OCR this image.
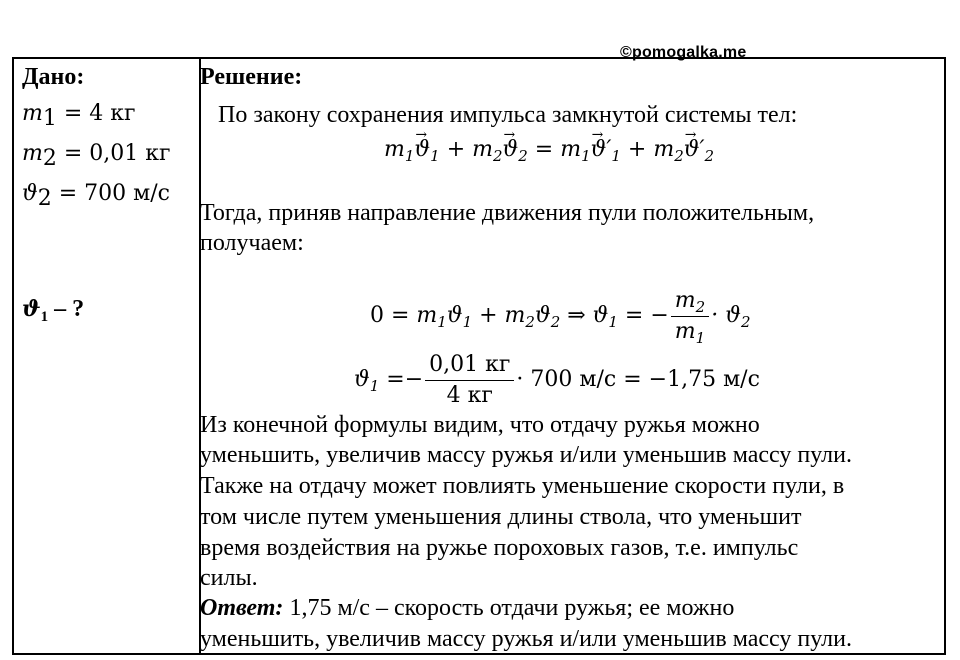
©pomogalka.me
Дано:
$m_1 = 4$ кг
$m_2 = 0,01$ кг
$ϑ_2 = 700$ м/с
$ϑ_1$ – ?
Решение:
По закону сохранения импульса замкнутой системы тел:
$m_1\to ϑ_1 + m_2\to ϑ_2 = m_1\to ϑ'_1 + m_2\to ϑ'_2$
Тогда, приняв направление движения пули положительным,
получаем:
$0 = m_1ϑ_1 + m_2ϑ_2$ ⇒ $ϑ_1$ = − $\frac{m_2}{m_1} \cdot ϑ_2$
$ϑ_1 =- \frac{0,01 кг}{4 кг} \cdot 700$ м/с = −1,75 м/с
Из конечной формулы видим, что отдачу ружья можно
уменьшить, увеличив массу ружья и/или уменьшив массу пули.
Также на отдачу может повлиять уменьшение скорости пули, в
том числе путем уменьшения длины ствола, что уменьшит
время воздействия на ружье пороховых газов, т.е. импульс
силы.
Ответ: 1,75 м/с – скорость отдачи ружья; ее можно
уменьшить, увеличив массу ружья и/или уменьшив массу пули.
